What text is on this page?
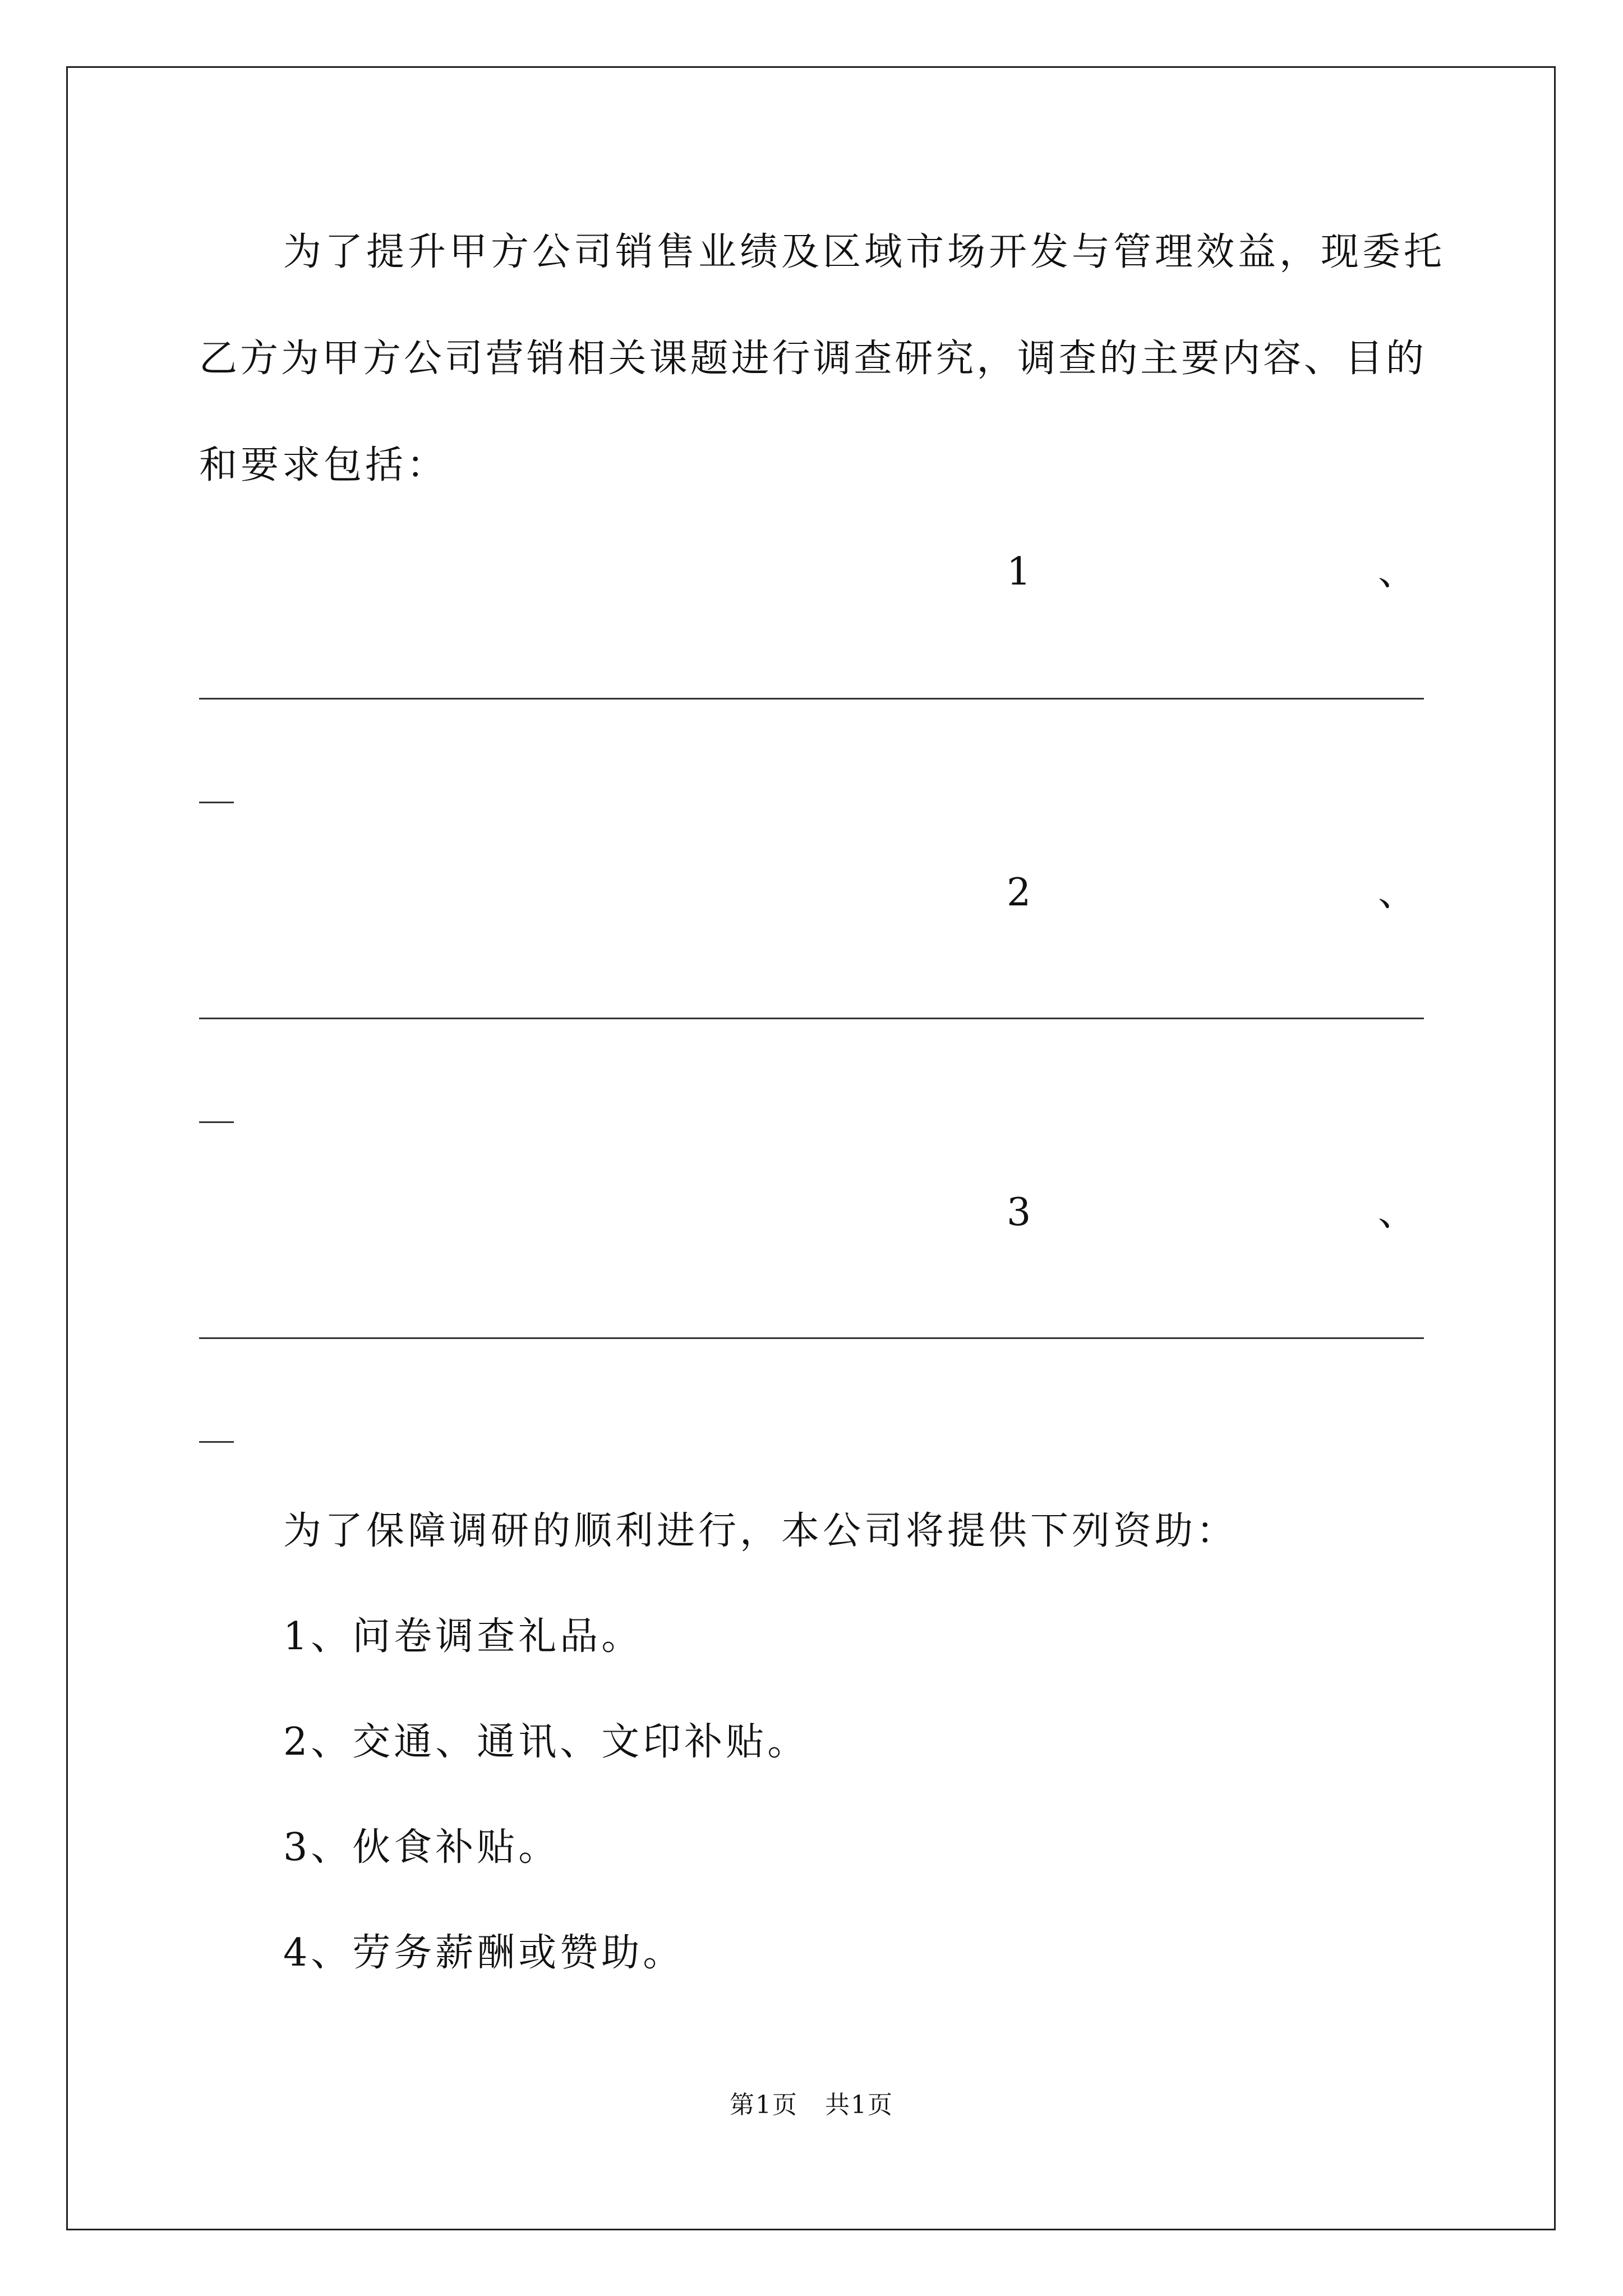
为了提升甲方公司销售业绩及区域市场开发与管理效益，现委托
乙方为甲方公司营销相关课题进行调查研究，调查的主要内容、目的
和要求包括：
1	、
2	、
3	、
为了保障调研的顺利进行，本公司将提供下列资助：
1、问卷调查礼品。
2、交通、通讯、文印补贴。
3、伙食补贴。
4、劳务薪酬或赞助。
第1页   共1页
